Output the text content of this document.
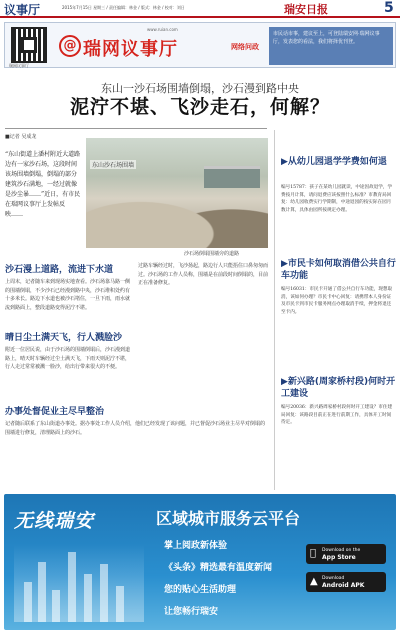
议事厅	2015年7月15日 星期三 / 责任编辑：林金 / 版式：林金 / 校对：刘日	瑞安日报	5
瑞网议事厅
www.ruian.com
@ 瑞网议事厅	网络问政
市民话市事，建议至上，可登陆瑞安网·瑞网议事厅，发表您的看法，我们将择优刊登。
东山一沙石场围墙倒塌，沙石漫到路中央
泥泞不堪、飞沙走石，何解？
■记者 吴成龙
“东山街道上潘村附近大道路边有一家沙石场，这段时间该场围墙倒塌，倒塌的部分建筑沙石满地，一经过就像是沙尘暴……”近日，有市民在瑞网议事厅上发帖反映……
东山沙石场围墙
沙石场倒塌围墙旁的道路
沙石漫上道路，流进下水道
上周末，记者随车来到现场实地查看。沙石场靠马路一侧的围墙倒塌，不少沙石已经漫到路中央，沙石堆积处约有十多米长。路边下水道也被沙石堵住，一旦下雨，雨水就流到路面上，整段道路变得泥泞不堪。
过路车辆经过时，飞沙扬起，路边行人只能捂住口鼻匆匆而过。沙石场的工作人员称，围墙是在前段时间倒塌的，目前正在准备修复。
晴日尘土满天飞，行人溅脸沙
附近一位居民说，由于沙石场的围墙倒塌后，沙石漫到道路上，晴天时车辆经过尘土满天飞，下雨天则泥泞不堪，行人走过常常被溅一脸沙，给出行带来很大的不便。
办事处督促业主尽早整治
记者随后联系了东山街道办事处。据办事处工作人员介绍，他们已经发现了该问题，并已督促沙石场业主尽早对倒塌的围墙进行修复，清理路面上的沙石。
▶从幼儿园退学学费如何退
编号15787：孩子在某幼儿园就读，中途因故退学，学费按月计算，请问退费应该按照什么标准？市教育局回复：幼儿园收费实行学期制，中途退园的按实际在园月数计算，具体由园所按规定办理。
▶市民卡如何取消借公共自行车功能
编号16031：市民卡开通了借公共自行车功能，现想取消，该如何办理？市民卡中心回复：请携带本人身份证及市民卡到市民卡服务网点办理取消手续，押金将退还至卡内。
▶新兴路(周家桥村段)何时开工建设
编号20036：新兴路周家桥村段何时开工建设？市住建局回复：该路段目前正在进行前期工作，具体开工时间待定。
无线瑞安	区域城市服务云平台
掌上阅政新体验
《头条》精选最有温度新闻
您的贴心生活助理
让您畅行瑞安
Download on the
App Store
▲ Download
Android APK
